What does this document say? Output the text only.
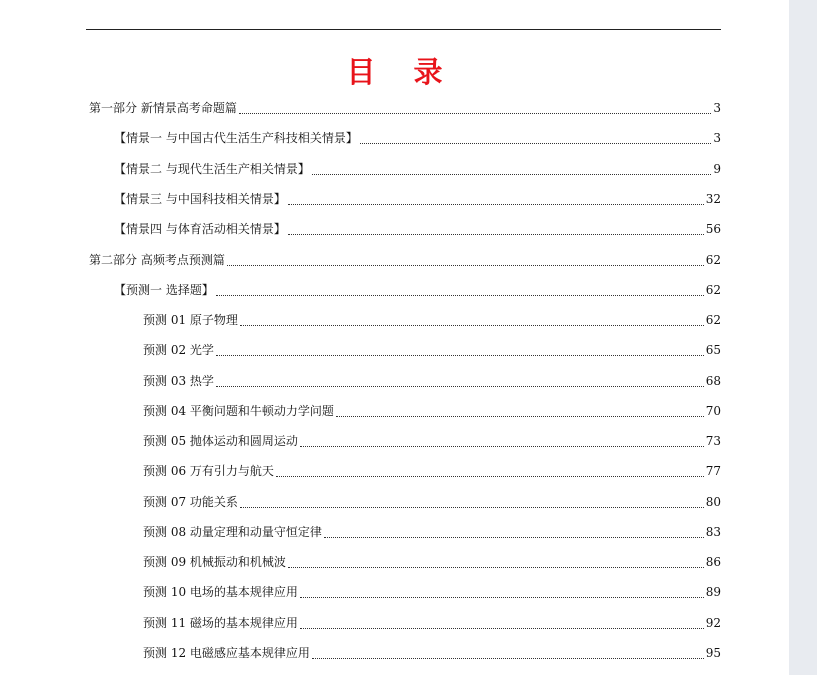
目 录
第一部分 新情景高考命题篇	3
【情景一 与中国古代生活生产科技相关情景】	3
【情景二 与现代生活生产相关情景】	9
【情景三 与中国科技相关情景】	32
【情景四 与体育活动相关情景】	56
第二部分 高频考点预测篇	62
【预测一 选择题】	62
预测 01 原子物理	62
预测 02 光学	65
预测 03 热学	68
预测 04 平衡问题和牛顿动力学问题	70
预测 05 抛体运动和圆周运动	73
预测 06 万有引力与航天	77
预测 07 功能关系	80
预测 08 动量定理和动量守恒定律	83
预测 09 机械振动和机械波	86
预测 10 电场的基本规律应用	89
预测 11 磁场的基本规律应用	92
预测 12 电磁感应基本规律应用	95
